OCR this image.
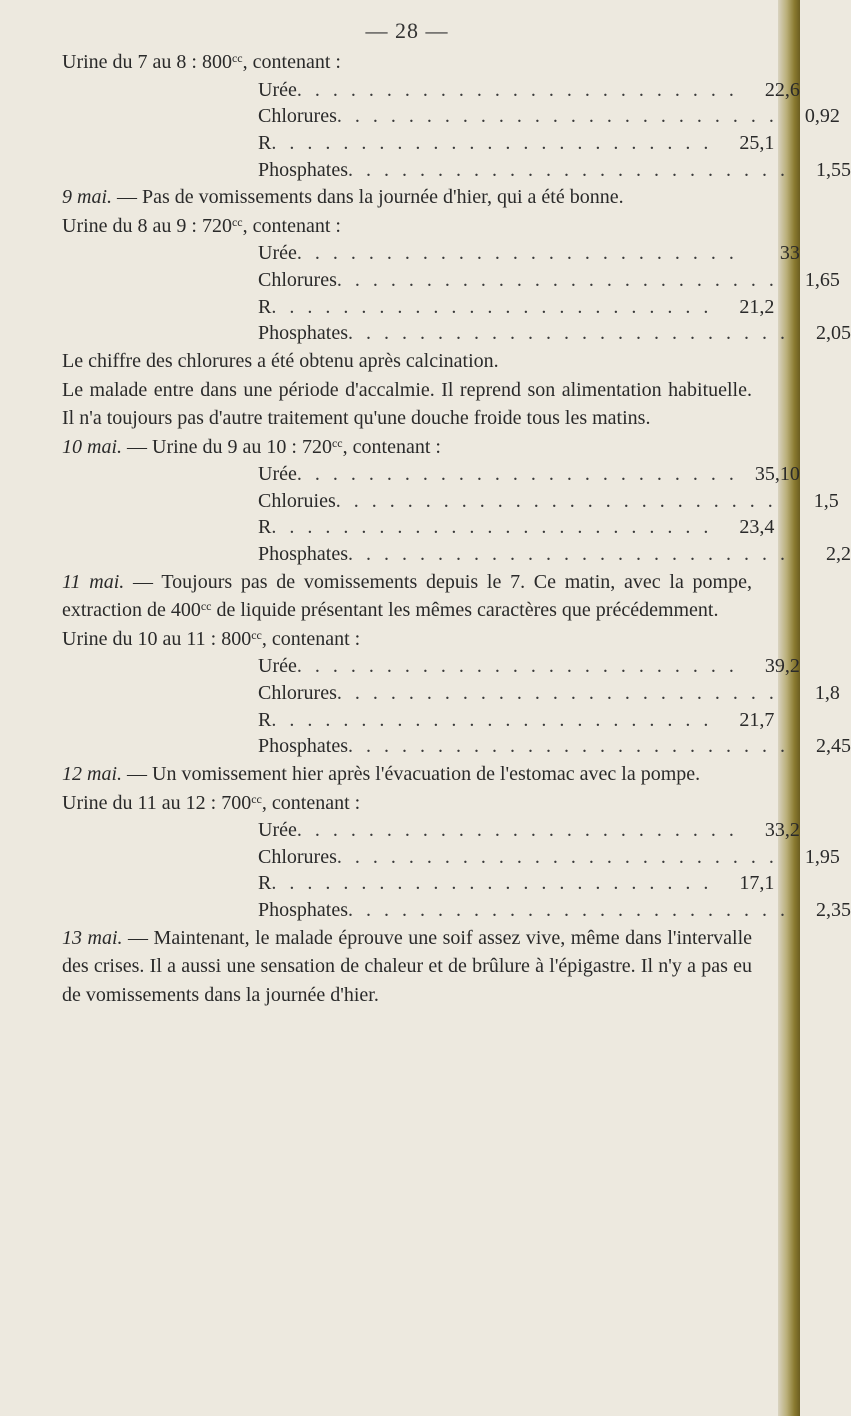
— 28 —

Urine du 7 au 8 : $800^{cc}$, contenant :

Urée . . . . . . . . . . . . . . . . . . . . . . . . .	22,6
Chlorures . . . . . . . . . . . . . . . . . . . . . . . . .	0,92
R . . . . . . . . . . . . . . . . . . . . . . . . .	25,1
Phosphates . . . . . . . . . . . . . . . . . . . . . . . . .	1,55

9 mai. — Pas de vomissements dans la journée d'hier, qui a été bonne.

Urine du 8 au 9 : $720^{cc}$, contenant :

Urée . . . . . . . . . . . . . . . . . . . . . . . . .	33
Chlorures . . . . . . . . . . . . . . . . . . . . . . . . .	1,65
R . . . . . . . . . . . . . . . . . . . . . . . . .	21,2
Phosphates . . . . . . . . . . . . . . . . . . . . . . . . .	2,05

Le chiffre des chlorures a été obtenu après calcination.

Le malade entre dans une période d'accalmie. Il reprend son alimentation habituelle. Il n'a toujours pas d'autre traitement qu'une douche froide tous les matins.

10 mai. — Urine du 9 au 10 : $720^{cc}$, contenant :

Urée . . . . . . . . . . . . . . . . . . . . . . . . . 35,10
Chloruies . . . . . . . . . . . . . . . . . . . . . . . . .	1,5
R . . . . . . . . . . . . . . . . . . . . . . . . .	23,4
Phosphates . . . . . . . . . . . . . . . . . . . . . . . . .	2,2

11 mai. — Toujours pas de vomissements depuis le 7. Ce matin, avec la pompe, extraction de $400^{cc}$ de liquide présentant les mêmes caractères que précédemment.

Urine du 10 au 11 : $800^{cc}$, contenant :

Urée . . . . . . . . . . . . . . . . . . . . . . . . .	39,2
Chlorures . . . . . . . . . . . . . . . . . . . . . . . . .	1,8
R . . . . . . . . . . . . . . . . . . . . . . . . .	21,7
Phosphates . . . . . . . . . . . . . . . . . . . . . . . . .	2,45

12 mai. — Un vomissement hier après l'évacuation de l'estomac avec la pompe.

Urine du 11 au 12 : $700^{cc}$, contenant :

Urée . . . . . . . . . . . . . . . . . . . . . . . . .	33,2
Chlorures . . . . . . . . . . . . . . . . . . . . . . . . .	1,95
R . . . . . . . . . . . . . . . . . . . . . . . . .	17,1
Phosphates . . . . . . . . . . . . . . . . . . . . . . . . .	2,35

13 mai. — Maintenant, le malade éprouve une soif assez vive, même dans l'intervalle des crises. Il a aussi une sensation de chaleur et de brûlure à l'épigastre. Il n'y a pas eu de vomissements dans la journée d'hier.
